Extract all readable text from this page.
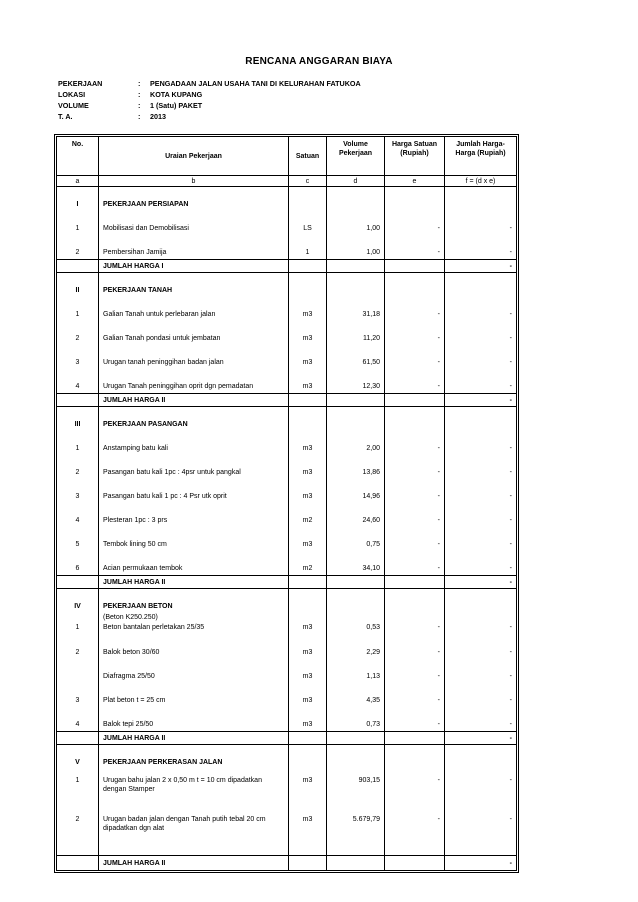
RENCANA ANGGARAN BIAYA
PEKERJAAN	:	PENGADAAN JALAN USAHA TANI DI KELURAHAN FATUKOA
LOKASI	:	KOTA KUPANG
VOLUME	:	1 (Satu) PAKET
T. A.	:	2013
No.	Uraian Pekerjaan	Satuan	Volume Pekerjaan	Harga Satuan (Rupiah)	Jumlah Harga-Harga (Rupiah)
a	b	c	d	e	f = (d x e)
I	PEKERJAAN PERSIAPAN				
1	Mobilisasi dan Demobilisasi	LS	1,00	-	-
2	Pembersihan Jamija	1	1,00	-	-
	JUMLAH HARGA I				-
II	PEKERJAAN TANAH				
1	Galian Tanah untuk perlebaran jalan	m3	31,18	-	-
2	Galian Tanah pondasi untuk jembatan	m3	11,20	-	-
3	Urugan tanah peninggihan badan jalan	m3	61,50	-	-
4	Urugan Tanah peninggihan oprit dgn pemadatan	m3	12,30	-	-
	JUMLAH HARGA II				-
III	PEKERJAAN PASANGAN				
1	Anstamping batu kali	m3	2,00	-	-
2	Pasangan batu kali 1pc : 4psr untuk pangkal	m3	13,86	-	-
3	Pasangan batu kali 1 pc : 4 Psr utk oprit	m3	14,96	-	-
4	Plesteran 1pc : 3 prs	m2	24,60	-	-
5	Tembok lining 50 cm	m3	0,75	-	-
6	Acian permukaan tembok	m2	34,10	-	-
	JUMLAH HARGA II				-
IV	PEKERJAAN BETON				
	(Beton K250.250)				
1	Beton bantalan perletakan 25/35	m3	0,53	-	-
2	Balok beton 30/60	m3	2,29	-	-
	Diafragma 25/50	m3	1,13	-	-
3	Plat beton t = 25 cm	m3	4,35	-	-
4	Balok tepi 25/50	m3	0,73	-	-
	JUMLAH HARGA II				-
V	PEKERJAAN PERKERASAN JALAN				
1	Urugan bahu jalan 2 x 0,50 m t = 10 cm dipadatkan dengan Stamper	m3	903,15	-	-
2	Urugan badan jalan dengan Tanah putih tebal 20 cm dipadatkan dgn alat	m3	5.679,79	-	-

	JUMLAH HARGA II				-
